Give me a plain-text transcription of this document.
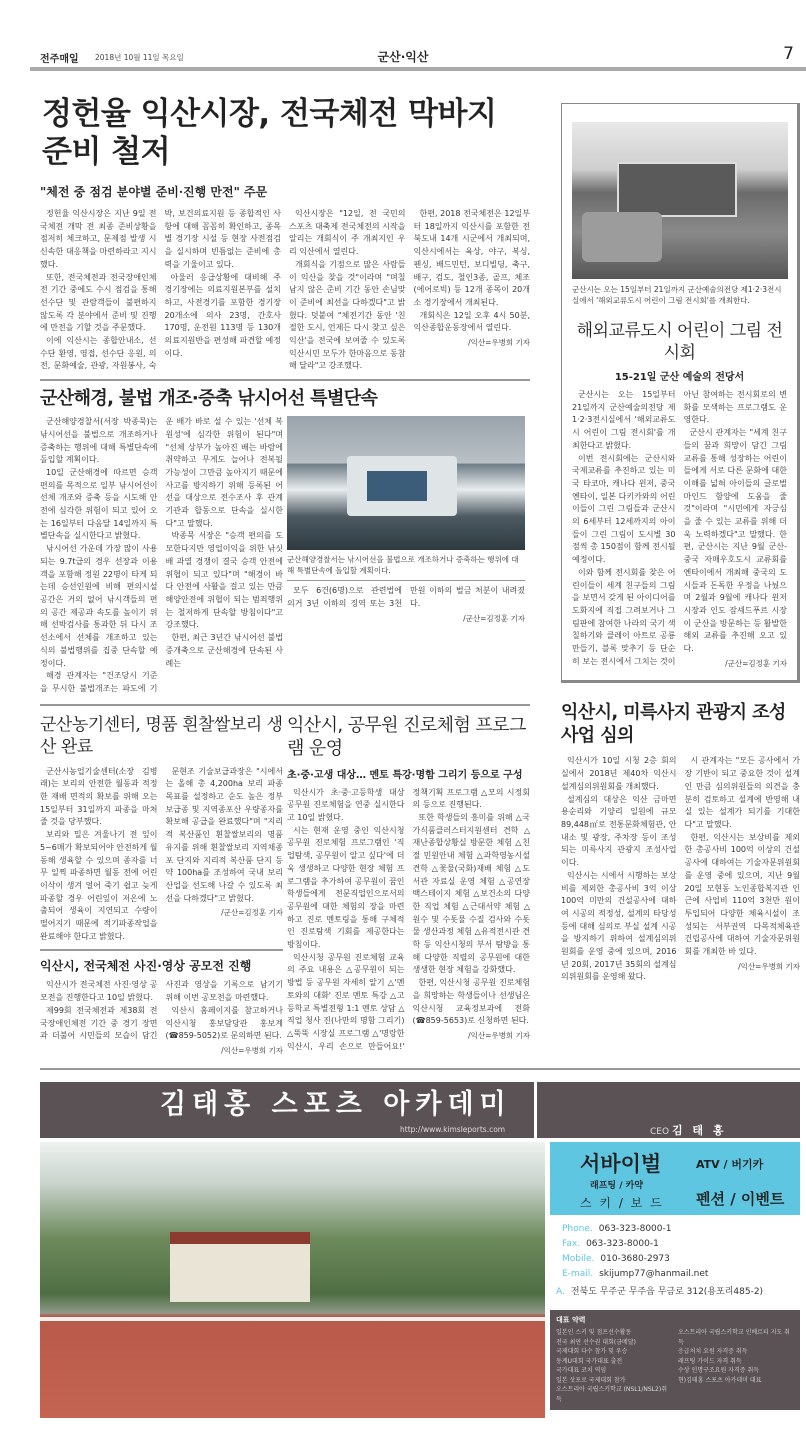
전주매일 2018년 10월 11일 목요일	군산·익산	7
정헌율 익산시장, 전국체전 막바지 준비 철저
"체전 중 점검 분야별 준비·진행 만전" 주문

정헌율 익산시장은 지난 9일 전국체전 개막 전 최종 준비상황을 점저히 체크하고, 문제점 발생 시 신속한 대응책을 마련하라고 지시했다.

또한, 전국체전과 전국장애인체전 기간 중에도 수시 점검을 통해 선수단 및 관람객들이 불편하지 않도록 각 분야에서 준비 및 진행에 만전을 기할 것을 주문했다.

이에 익산시는 종합안내소, 선수단 환영, 영접, 선수단 응원, 의전, 문화예술, 관광, 자원봉사, 숙박, 보건의료지원 등 종합적인 사항에 대해 꼼꼼히 확인하고, 종목별 경기장 시설 등 현장 사전점검을 실시하며 빈틈없는 준비에 총력을 기울이고 있다.

아울러 응급상황에 대비해 주 경기장에는 의료지원본부를 설치하고, 사전경기를 포함한 경기장 20개소에 의사 23명, 간호사 170명, 운전원 113명 등 130개 의료지원반을 편성해 파견할 예정이다.

익산시장은 "12일, 전 국민의 스포츠 대축제 전국체전의 시작을 알리는 개회식이 주 개최지인 우리 익산에서 열린다.

개회식을 기점으로 많은 사람들이 익산을 찾을 것"이라며 "며칠 남지 않은 준비 기간 동안 손님맞이 준비에 최선을 다하겠다"고 밝혔다. 덧붙여 "체전기간 동안 '친절한 도시, 언제든 다시 찾고 싶은 익산'을 전국에 보여줄 수 있도록 익산시민 모두가 한마음으로 동참해 달라"고 강조했다.

한편, 2018 전국체전은 12일부터 18일까지 익산시를 포함한 전북도내 14개 시군에서 개최되며, 익산시에서는 육상, 야구, 복싱, 펜싱, 배드민턴, 보디빌딩, 축구, 배구, 검도, 철인3종, 골프, 체조(에어로빅) 등 12개 종목이 20개소 경기장에서 개최된다.

개회식은 12일 오후 4시 50분, 익산종합운동장에서 열린다.

/익산=우병희 기자
군산해경, 불법 개조·증축 낚시어선 특별단속

군산해양경찰서(서장 박종묵)는 낚시어선을 불법으로 개조하거나 증축하는 행위에 대해 특별단속에 돌입할 계획이다.

10일 군산해경에 따르면 승객 편의를 목적으로 일부 낚시어선이 선체 개조와 증축 등을 시도해 안전에 심각한 위험이 되고 있어 오는 16일부터 다음달 14일까지 특별단속을 실시한다고 밝혔다.

낚시어선 가운데 가장 많이 사용되는 9.7t급의 경우 선장과 이용객을 포함해 정원 22명이 타게 되는데 승선인원에 비해 편의시설 공간은 거의 없어 낚시객들의 편의 공간 제공과 속도를 높이기 위해 선박검사를 통과한 뒤 다시 조선소에서 선체를 개조하고 있는 식의 불법행위를 집중 단속할 예정이다.

해경 관계자는 "건조당시 기준을 무시한 불법개조는 파도에 기운 배가 바로 설 수 있는 '선체 복원성'에 심각한 위험이 된다"며 "선체 상부가 높아진 배는 바람에 취약하고 무게도 늘어나 전복될 가능성이 그만큼 높아지기 때문에 사고를 방지하기 위해 등록된 어선을 대상으로 전수조사 후 관계기관과 합동으로 단속을 실시한다"고 말했다.

박종묵 서장은 "승객 편의를 도모한다지만 영업이익을 위한 낚싯배 과열 경쟁이 결국 승객 안전에 위협이 되고 있다"며 "해경이 바다 안전에 사활을 걸고 있는 만큼 해양안전에 위협이 되는 범죄행위는 철저하게 단속할 방침이다"고 강조했다.

한편, 최근 3년간 낚시어선 불법 증개축으로 군산해경에 단속된 사례는

군산해양경찰서는 낚시어선을 불법으로 개조하거나 증축하는 행위에 대해 특별단속에 돌입할 계획이다.

모두 6건(6명)으로 관련법에 의거 3년 이하의 징역 또는 3천만원 이하의 벌금 처분이 내려졌다.

/군산=김정훈 기자
군산농기센터, 명품 흰찰쌀보리 생산 완료

군산시농업기술센터(소장 김병래)는 보리의 안전한 월동과 적정한 재배 면적의 확보를 위해 오는 15일부터 31일까지 파종을 마쳐줄 것을 당부했다.

보리와 밀은 겨울나기 전 잎이 5~6매가 확보되어야 안전하게 월동해 생육할 수 있으며 종자를 너무 일찍 파종하면 월동 전에 어린 이삭이 생겨 얼어 죽기 쉽고 늦게 파종할 경우 어린잎이 저온에 노출되어 생육이 지연되고 수량이 떨어지기 때문에 적기파종작업을 완료해야 한다고 밝혔다.

문현조 기술보급과장은 "시에서는 올해 총 4,200ha 보리 파종 목표를 설정하고 순도 높은 정부 보급종 및 지역종포산 우량종자를 확보해 공급을 완료했다"며 "지리적 복산품인 흰찰쌀보리의 명품 유지를 위해 흰찰쌀보리 지역채종포 단지와 지리적 복산품 단지 등 약 100ha를 조성하여 국내 보리산업을 선도해 나갈 수 있도록 최선을 다하겠다"고 밝혔다.

/군산=김정훈 기자
익산시, 전국체전 사진·영상 공모전 진행

익산시가 전국체전 사진·영상 공모전을 진행한다고 10일 밝혔다.

제99회 전국체전과 제38회 전국장애인체전 기간 중 경기 장면과 더불어 시민들의 모습이 담긴 사진과 영상을 기록으로 남기기 위해 이번 공모전을 마련했다.

익산시 홈페이지를 참고하거나 익산시청 홍보담당관 홍보계(☎859-5052)로 문의하면 된다.

/익산=우병희 기자
익산시, 공무원 진로체험 프로그램 운영
초·중·고생 대상… 멘토 특강·명함 그리기 등으로 구성

익산시가 초·중·고등학생 대상 공무원 진로체험을 연중 실시한다고 10일 밝혔다.

시는 현재 운영 중인 익산시청 공무원 진로체험 프로그램인 '직업탐색, 공무원이 알고 싶다'에 더욱 생생하고 다양한 현장 체험 프로그램을 추가하여 공무원이 꿈인 학생들에게 전문직업인으로서의 공무원에 대한 체험의 장을 마련하고 진로 멘토링을 통해 구체적인 진로탐색 기회를 제공한다는 방침이다.

익산시청 공무원 진로체험 교육의 주요 내용은 △공무원이 되는 방법 등 공무원 자세히 알기 △'멘토와의 대화' 진로 멘토 특강 △고등학교 특별전형 1:1 멘토 상담 △직업 청사 진(나만의 명함 그리기) △뚝뚝 시장실 프로그램 △'명랑한 익산시, 우리 손으로 만들어요!' 정책기획 프로그램 △모의 시정회의 등으로 진행된다.

또한 학생들의 흥미를 위해 △국가식품클러스터지원센터 견학 △재난종합상황실 방문한 체험 △친절 민원안내 체험 △과학영농시설 견학 △꽃물(국화)재배 체험 △도서관 자료실 운영 체험 △공연장 백스테이지 체험 △보건소의 다양한 직업 체험 △근대서약 체험 △원수 및 수돗물 수질 검사와 수돗물 생산과정 체험 △유적전시관 견학 등 익산시청의 부서 탐방을 통해 다양한 직렬의 공무원에 대한 생생한 현장 체험을 강화했다.

한편, 익산시청 공무원 진로체험을 희망하는 학생들이나 선생님은 익산시청 교육정보과에 전화(☎859-5653)로 신청하면 된다.

/익산=우병희 기자
군산시는 오는 15일부터 21일까지 군산예술의전당 제1·2·3전시실에서 '해외교류도시 어린이 그림 전시회'를 개최한다.
해외교류도시 어린이 그림 전시회
15-21일 군산 예술의 전당서

군산시는 오는 15일부터 21일까지 군산예술의전당 제1·2·3전시실에서 '해외교류도시 어린이 그림 전시회'를 개최한다고 밝혔다.

이번 전시회에는 군산시와 국제교류를 추진하고 있는 미국 타코마, 캐나다 윈저, 중국 옌타이, 일본 다키카와의 어린이들이 그린 그림들과 군산시의 6세부터 12세까지의 아이들이 그린 그림이 도시별 30점씩 총 150점이 함께 전시될 예정이다.

이와 함께 전시회를 찾은 어린이들이 세계 친구들의 그림을 보면서 갖게 된 아이디어를 도화지에 직접 그려보거나 그림판에 참여한 나라의 국기 색칠하기와 클레이 아트로 공룡 만들기, 블록 맞추기 등 단순히 보는 전시에서 그치는 것이 아닌 참여하는 전시회로의 변화를 모색하는 프로그램도 운영한다.

군산시 관계자는 "세계 친구들의 꿈과 희망이 담긴 그림 교류를 통해 성장하는 어린이들에게 서로 다른 문화에 대한 이해를 넓혀 아이들의 글로벌 마인드 함양에 도움을 줄 것"이라며 "시민에게 자긍심을 줄 수 있는 교류를 위해 더욱 노력하겠다"고 말했다. 한편, 군산시는 지난 9월 군산-중국 자매우호도시 교류회를 옌타이에서 개최해 중국의 도시들과 돈독한 우정을 나눴으며 2월과 9월에 캐나다 윈저시장과 인도 잠셰드푸르 시장이 군산을 방문하는 등 활발한 해외 교류를 추진해 오고 있다.

/군산=김정훈 기자
익산시, 미륵사지 관광지 조성사업 심의

익산시가 10일 시청 2층 회의실에서 2018년 제40차 익산시 설계심의위원회를 개최했다.

설계심의 대상은 익산 금마면 용순리와 기양리 일원에 규모 89,448㎡로 전통문화체험관, 안내소 및 광장, 주차장 등이 조성되는 미륵사지 관광지 조성사업이다.

익산시는 시에서 시행하는 보상비를 제외한 총공사비 3억 이상 100억 미만의 건설공사에 대하여 시공의 적정성, 설계의 타당성 등에 대해 심의로 부실 설계 시공을 방지하기 위하여 설계심의위원회를 운영 중에 있으며, 2016년 20회, 2017년 35회의 설계심의위원회를 운영해 왔다.

시 관계자는 "모든 공사에서 가장 기반이 되고 중요한 것이 설계인 만큼 심의위원들의 의견을 충분히 검토하고 설계에 반영해 내실 있는 설계가 되기를 기대한다"고 말했다.

한편, 익산시는 보상비를 제외한 총공사비 100억 이상의 건설공사에 대하여는 기술자문위원회를 운영 중에 있으며, 지난 9월 20일 모현동 노인종합복지관 인근에 사업비 110억 3천만 원이 투입되어 다양한 체육시설이 조성되는 서부권역 다목적체육관 건립공사에 대하여 기술자문위원회를 개최한 바 있다.

/익산=우병희 기자
김태홍 스포츠 아카데미
http://www.kimsleports.com	CEO 김 태 홍
서바이벌	ATV / 버기카
래프팅 / 카약
스 키 / 보 드 펜션 / 이벤트
Phone. 063-323-8000-1
Fax. 063-323-8000-1
Mobile. 010-3680-2973
E-mail. skijump77@hanmail.net
A. 전북도 무주군 무주읍 무금로 312(용포리485-2)
대표 약력
일본인 스키 및 점프선수활동
전국 최연 선수권 대회(금메달)
국제대회 다수 참가 및 우승
동계U대회 국가대표 출전
국가대표 코치 역임
일본 삿포로 국제대회 참가
오스트리아 국립스키학교 (NSL1/NSL2)취득
오스트리아 국립스키학교 인베르티 지도 취득
응급처치 요원 자격증 취득
래프팅 가이드 자격 취득
수상 인명구조요원 자격증 취득
현)김태홍 스포츠 아카데미 대표
